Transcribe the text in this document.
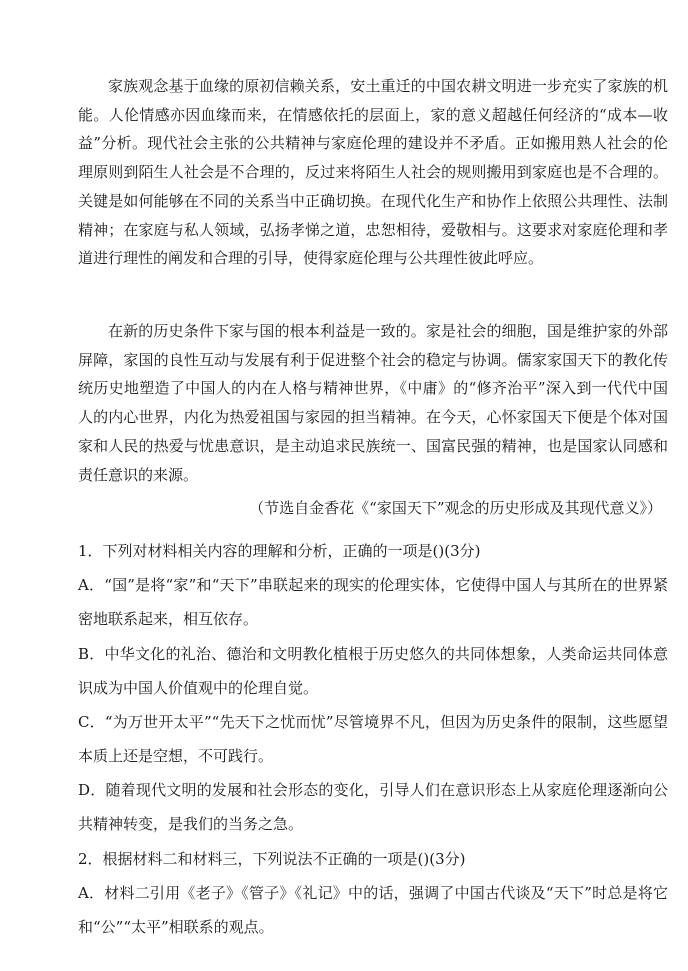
家族观念基于血缘的原初信赖关系，安土重迁的中国农耕文明进一步充实了家族的机能。人伦情感亦因血缘而来，在情感依托的层面上，家的意义超越任何经济的“成本—收益”分析。现代社会主张的公共精神与家庭伦理的建设并不矛盾。正如搬用熟人社会的伦理原则到陌生人社会是不合理的，反过来将陌生人社会的规则搬用到家庭也是不合理的。关键是如何能够在不同的关系当中正确切换。在现代化生产和协作上依照公共理性、法制精神；在家庭与私人领域，弘扬孝悌之道，忠恕相待，爱敬相与。这要求对家庭伦理和孝道进行理性的阐发和合理的引导，使得家庭伦理与公共理性彼此呼应。

在新的历史条件下家与国的根本利益是一致的。家是社会的细胞，国是维护家的外部屏障，家国的良性互动与发展有利于促进整个社会的稳定与协调。儒家家国天下的教化传统历史地塑造了中国人的内在人格与精神世界，《中庸》的“修齐治平”深入到一代代中国人的内心世界，内化为热爱祖国与家园的担当精神。在今天，心怀家国天下便是个体对国家和人民的热爱与忧患意识，是主动追求民族统一、国富民强的精神，也是国家认同感和责任意识的来源。

（节选自金香花《“家国天下”观念的历史形成及其现代意义》）

1．下列对材料相关内容的理解和分析，正确的一项是()(3分)

A．“国”是将“家”和“天下”串联起来的现实的伦理实体，它使得中国人与其所在的世界紧密地联系起来，相互依存。

B．中华文化的礼治、德治和文明教化植根于历史悠久的共同体想象，人类命运共同体意识成为中国人价值观中的伦理自觉。

C．“为万世开太平”“先天下之忧而忧”尽管境界不凡，但因为历史条件的限制，这些愿望本质上还是空想，不可践行。

D．随着现代文明的发展和社会形态的变化，引导人们在意识形态上从家庭伦理逐渐向公共精神转变，是我们的当务之急。

2．根据材料二和材料三，下列说法不正确的一项是()(3分)

A．材料二引用《老子》《管子》《礼记》中的话，强调了中国古代谈及“天下”时总是将它和“公”“太平”相联系的观点。
